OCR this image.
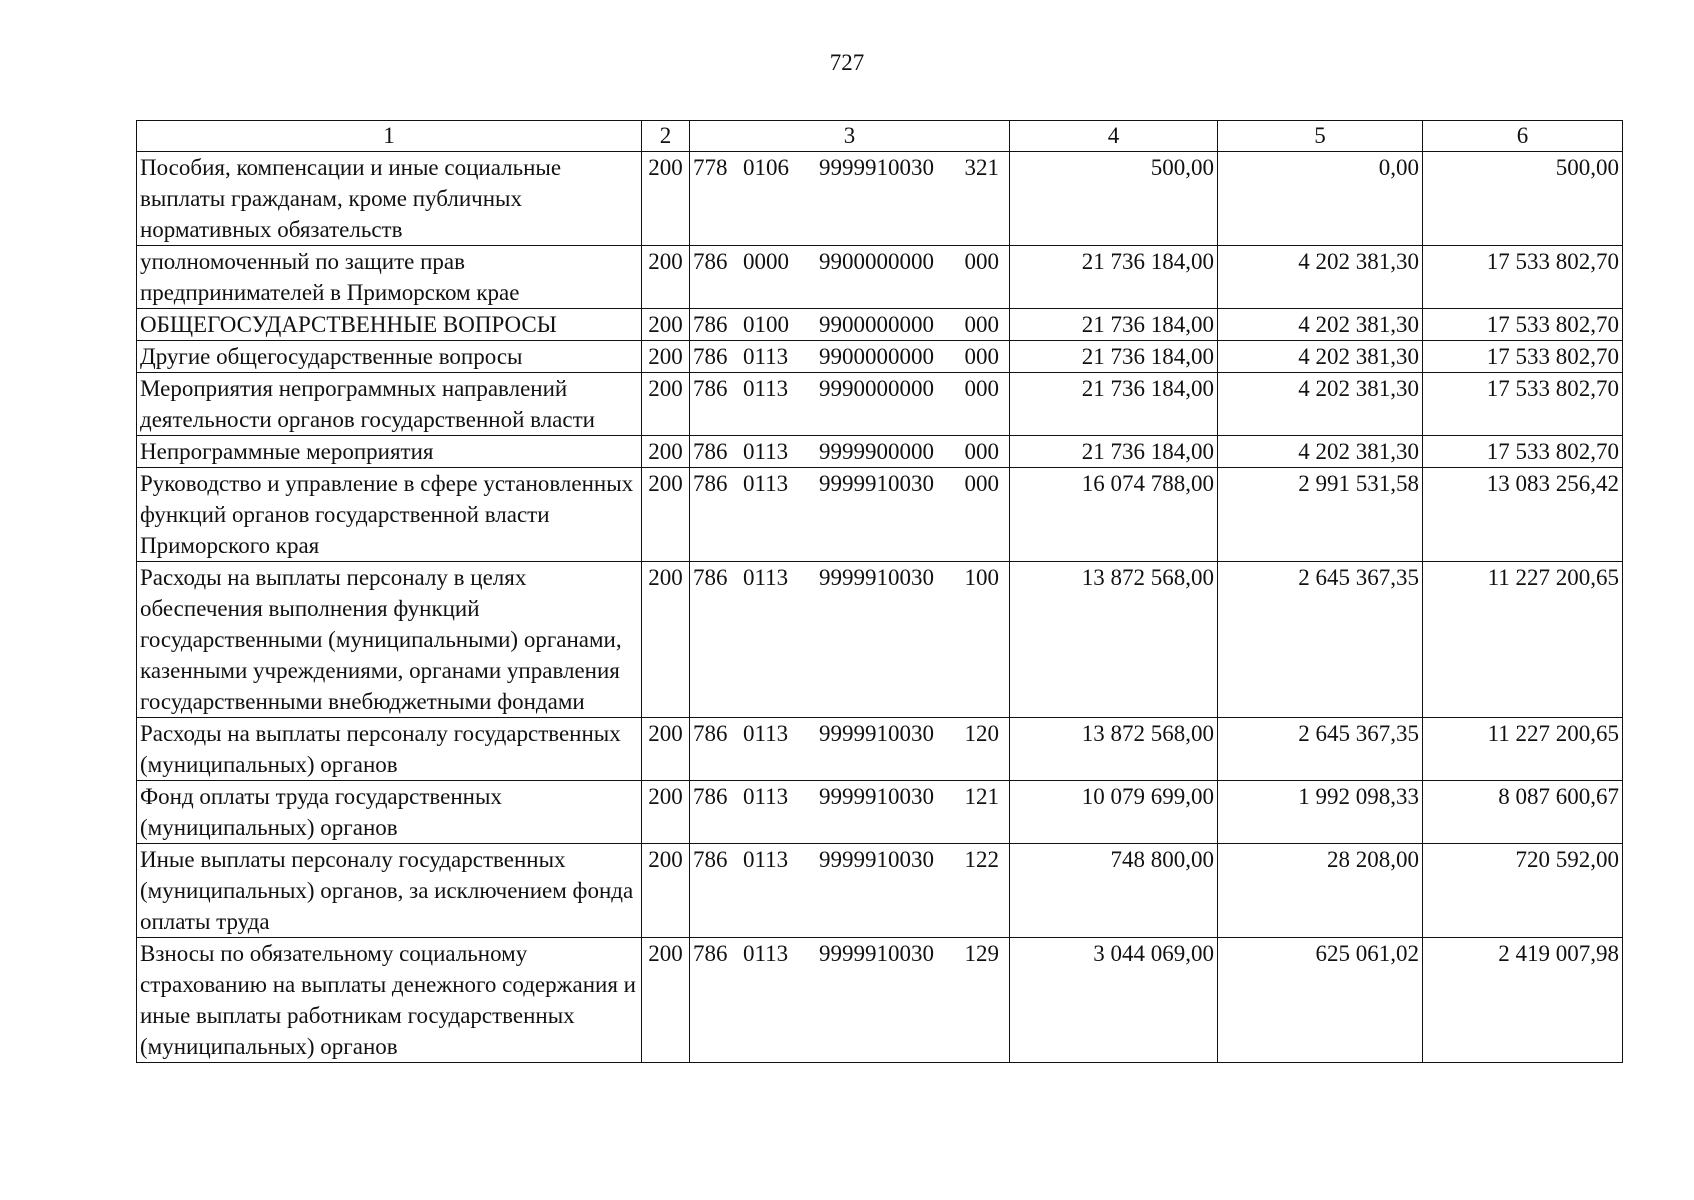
727
1	2	3	4	5	6
Пособия, компенсации и иные социальные выплаты гражданам, кроме публичных нормативных обязательств	200	778 0106 9999910030 321	500,00	0,00	500,00
уполномоченный по защите прав предпринимателей в Приморском крае	200	786 0000 9900000000 000	21 736 184,00	4 202 381,30	17 533 802,70
ОБЩЕГОСУДАРСТВЕННЫЕ ВОПРОСЫ	200	786 0100 9900000000 000	21 736 184,00	4 202 381,30	17 533 802,70
Другие общегосударственные вопросы	200	786 0113 9900000000 000	21 736 184,00	4 202 381,30	17 533 802,70
Мероприятия непрограммных направлений деятельности органов государственной власти	200	786 0113 9990000000 000	21 736 184,00	4 202 381,30	17 533 802,70
Непрограммные мероприятия	200	786 0113 9999900000 000	21 736 184,00	4 202 381,30	17 533 802,70
Руководство и управление в сфере установленных функций органов государственной власти Приморского края	200	786 0113 9999910030 000	16 074 788,00	2 991 531,58	13 083 256,42
Расходы на выплаты персоналу в целях обеспечения выполнения функций государственными (муниципальными) органами, казенными учреждениями, органами управления государственными внебюджетными фондами	200	786 0113 9999910030 100	13 872 568,00	2 645 367,35	11 227 200,65
Расходы на выплаты персоналу государственных (муниципальных) органов	200	786 0113 9999910030 120	13 872 568,00	2 645 367,35	11 227 200,65
Фонд оплаты труда государственных (муниципальных) органов	200	786 0113 9999910030 121	10 079 699,00	1 992 098,33	8 087 600,67
Иные выплаты персоналу государственных (муниципальных) органов, за исключением фонда оплаты труда	200	786 0113 9999910030 122	748 800,00	28 208,00	720 592,00
Взносы по обязательному социальному страхованию на выплаты денежного содержания и иные выплаты работникам государственных (муниципальных) органов	200	786 0113 9999910030 129	3 044 069,00	625 061,02	2 419 007,98
